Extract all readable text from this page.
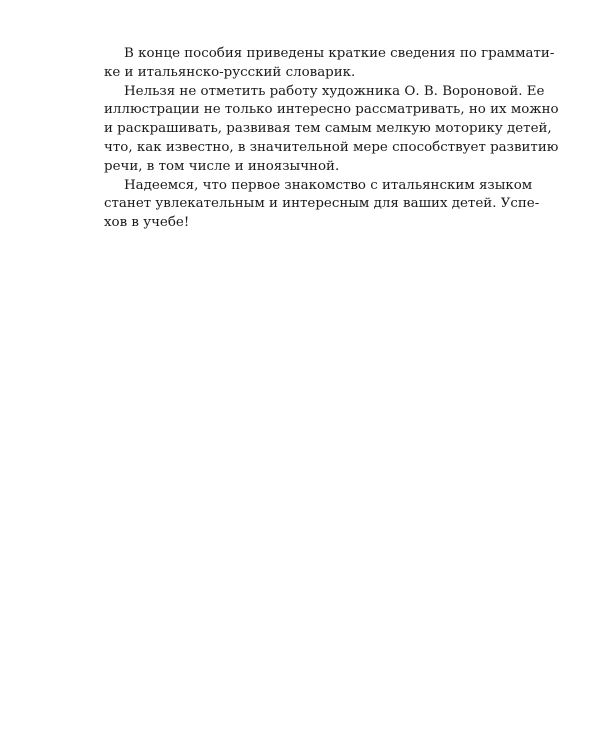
В конце пособия приведены краткие сведения по граммати-
ке и итальянско-русский словарик.
Нельзя не отметить работу художника О. В. Вороновой. Ее
иллюстрации не только интересно рассматривать, но их можно
и раскрашивать, развивая тем самым мелкую моторику детей,
что, как известно, в значительной мере способствует развитию
речи, в том числе и иноязычной.
Надеемся, что первое знакомство с итальянским языком
станет увлекательным и интересным для ваших детей. Успе-
хов в учебе!
